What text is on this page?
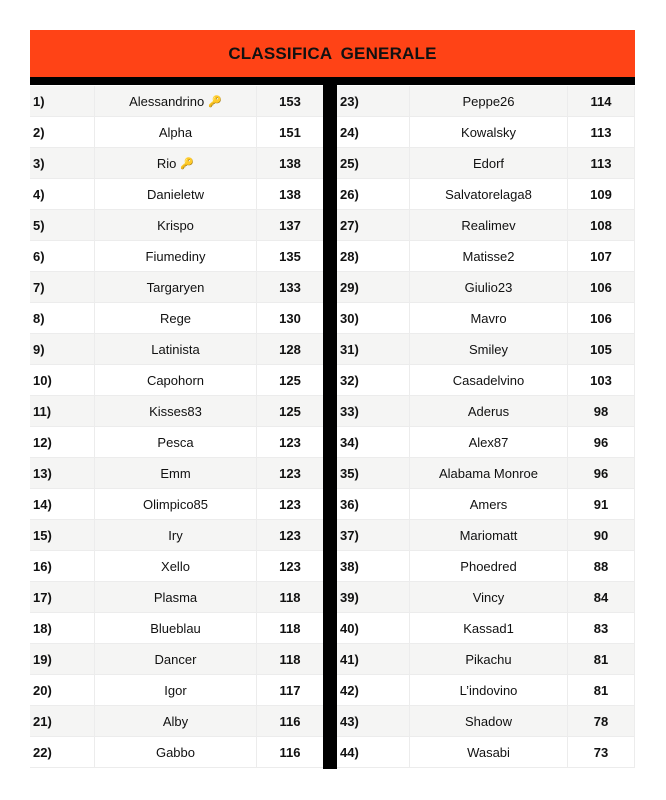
CLASSIFICA GENERALE
1)	Alessandrino 🔑	153
2)	Alpha	151
3)	Rio 🔑	138
4)	Danieletw	138
5)	Krispo	137
6)	Fiumediny	135
7)	Targaryen	133
8)	Rege	130
9)	Latinista	128
10)	Capohorn	125
11)	Kisses83	125
12)	Pesca	123
13)	Emm	123
14)	Olimpico85	123
15)	Iry	123
16)	Xello	123
17)	Plasma	118
18)	Blueblau	118
19)	Dancer	118
20)	Igor	117
21)	Alby	116
22)	Gabbo	116
23)	Peppe26	114
24)	Kowalsky	113
25)	Edorf	113
26)	Salvatorelaga8	109
27)	Realimev	108
28)	Matisse2	107
29)	Giulio23	106
30)	Mavro	106
31)	Smiley	105
32)	Casadelvino	103
33)	Aderus	98
34)	Alex87	96
35)	Alabama Monroe	96
36)	Amers	91
37)	Mariomatt	90
38)	Phoedred	88
39)	Vincy	84
40)	Kassad1	83
41)	Pikachu	81
42)	L’indovino	81
43)	Shadow	78
44)	Wasabi	73
